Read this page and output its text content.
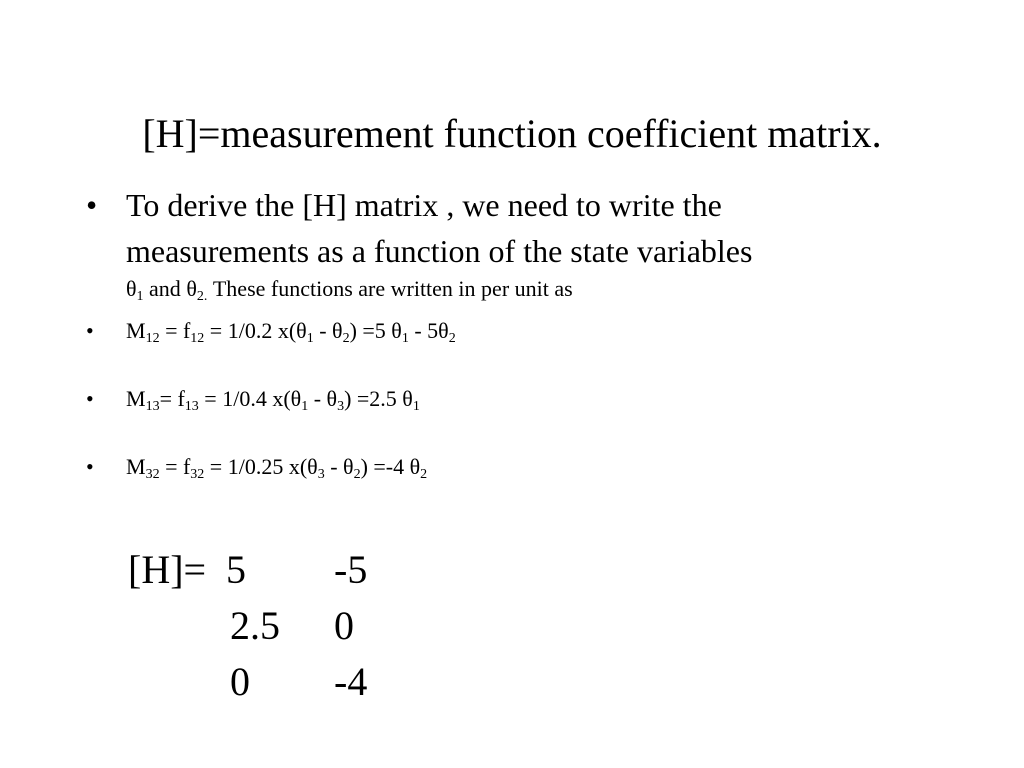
[H]=measurement function coefficient matrix.
• To derive the [H] matrix , we need to write the
measurements as a function of the state variables
$\theta_1$ and $\theta_{2.}$ These functions are written in per unit as
• $M_{12} = f_{12} = 1/0.2$ $x(\theta_1 - \theta_2) =5$ $\theta_1 - 5\theta_2$
• $M_{13}= f_{13} = 1/0.4$ $x(\theta_1 - \theta_3) =2.5$ $\theta_1$
• $M_{32} = f_{32} = 1/0.25$ $x(\theta_3 - \theta_2) =-4$ $\theta_2$
[H]= 5 -5
2.5 0
0 -4
